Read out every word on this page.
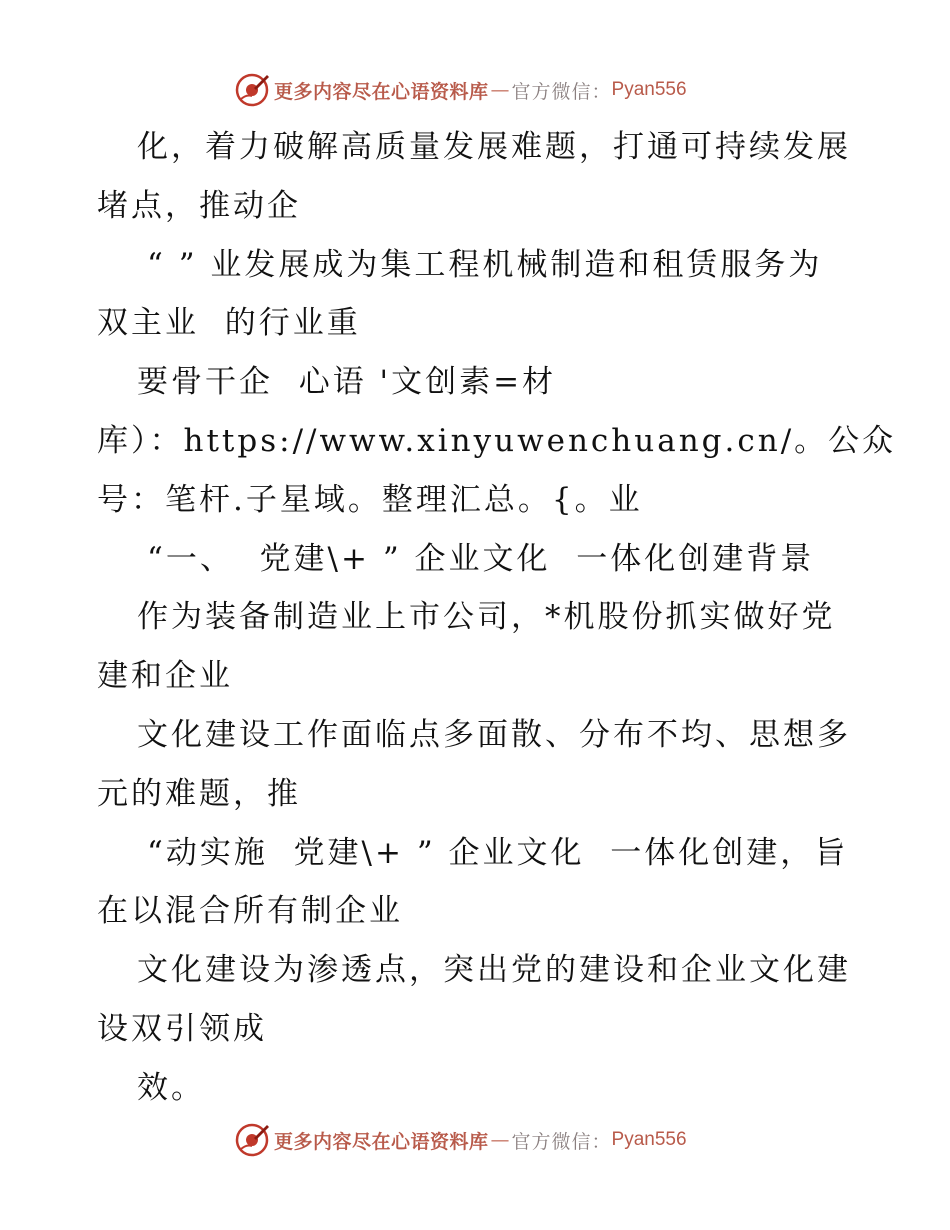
更多内容尽在心语资料库 — 官方微信： Pyan556
化，着力破解高质量发展难题，打通可持续发展
堵点，推动企
“ ” 业发展成为集工程机械制造和租赁服务为
双主业  的行业重
要骨干企  心语 '文创素=材
库）：https://www.xinyuwenchuang.cn/。公众
号：笔杆.子星域。整理汇总。{。业
“一、  党建\+ ” 企业文化  一体化创建背景
作为装备制造业上市公司，*机股份抓实做好党
建和企业
文化建设工作面临点多面散、分布不均、思想多
元的难题，推
“动实施  党建\+ ” 企业文化  一体化创建，旨
在以混合所有制企业
文化建设为渗透点，突出党的建设和企业文化建
设双引领成
效。
更多内容尽在心语资料库 — 官方微信： Pyan556
